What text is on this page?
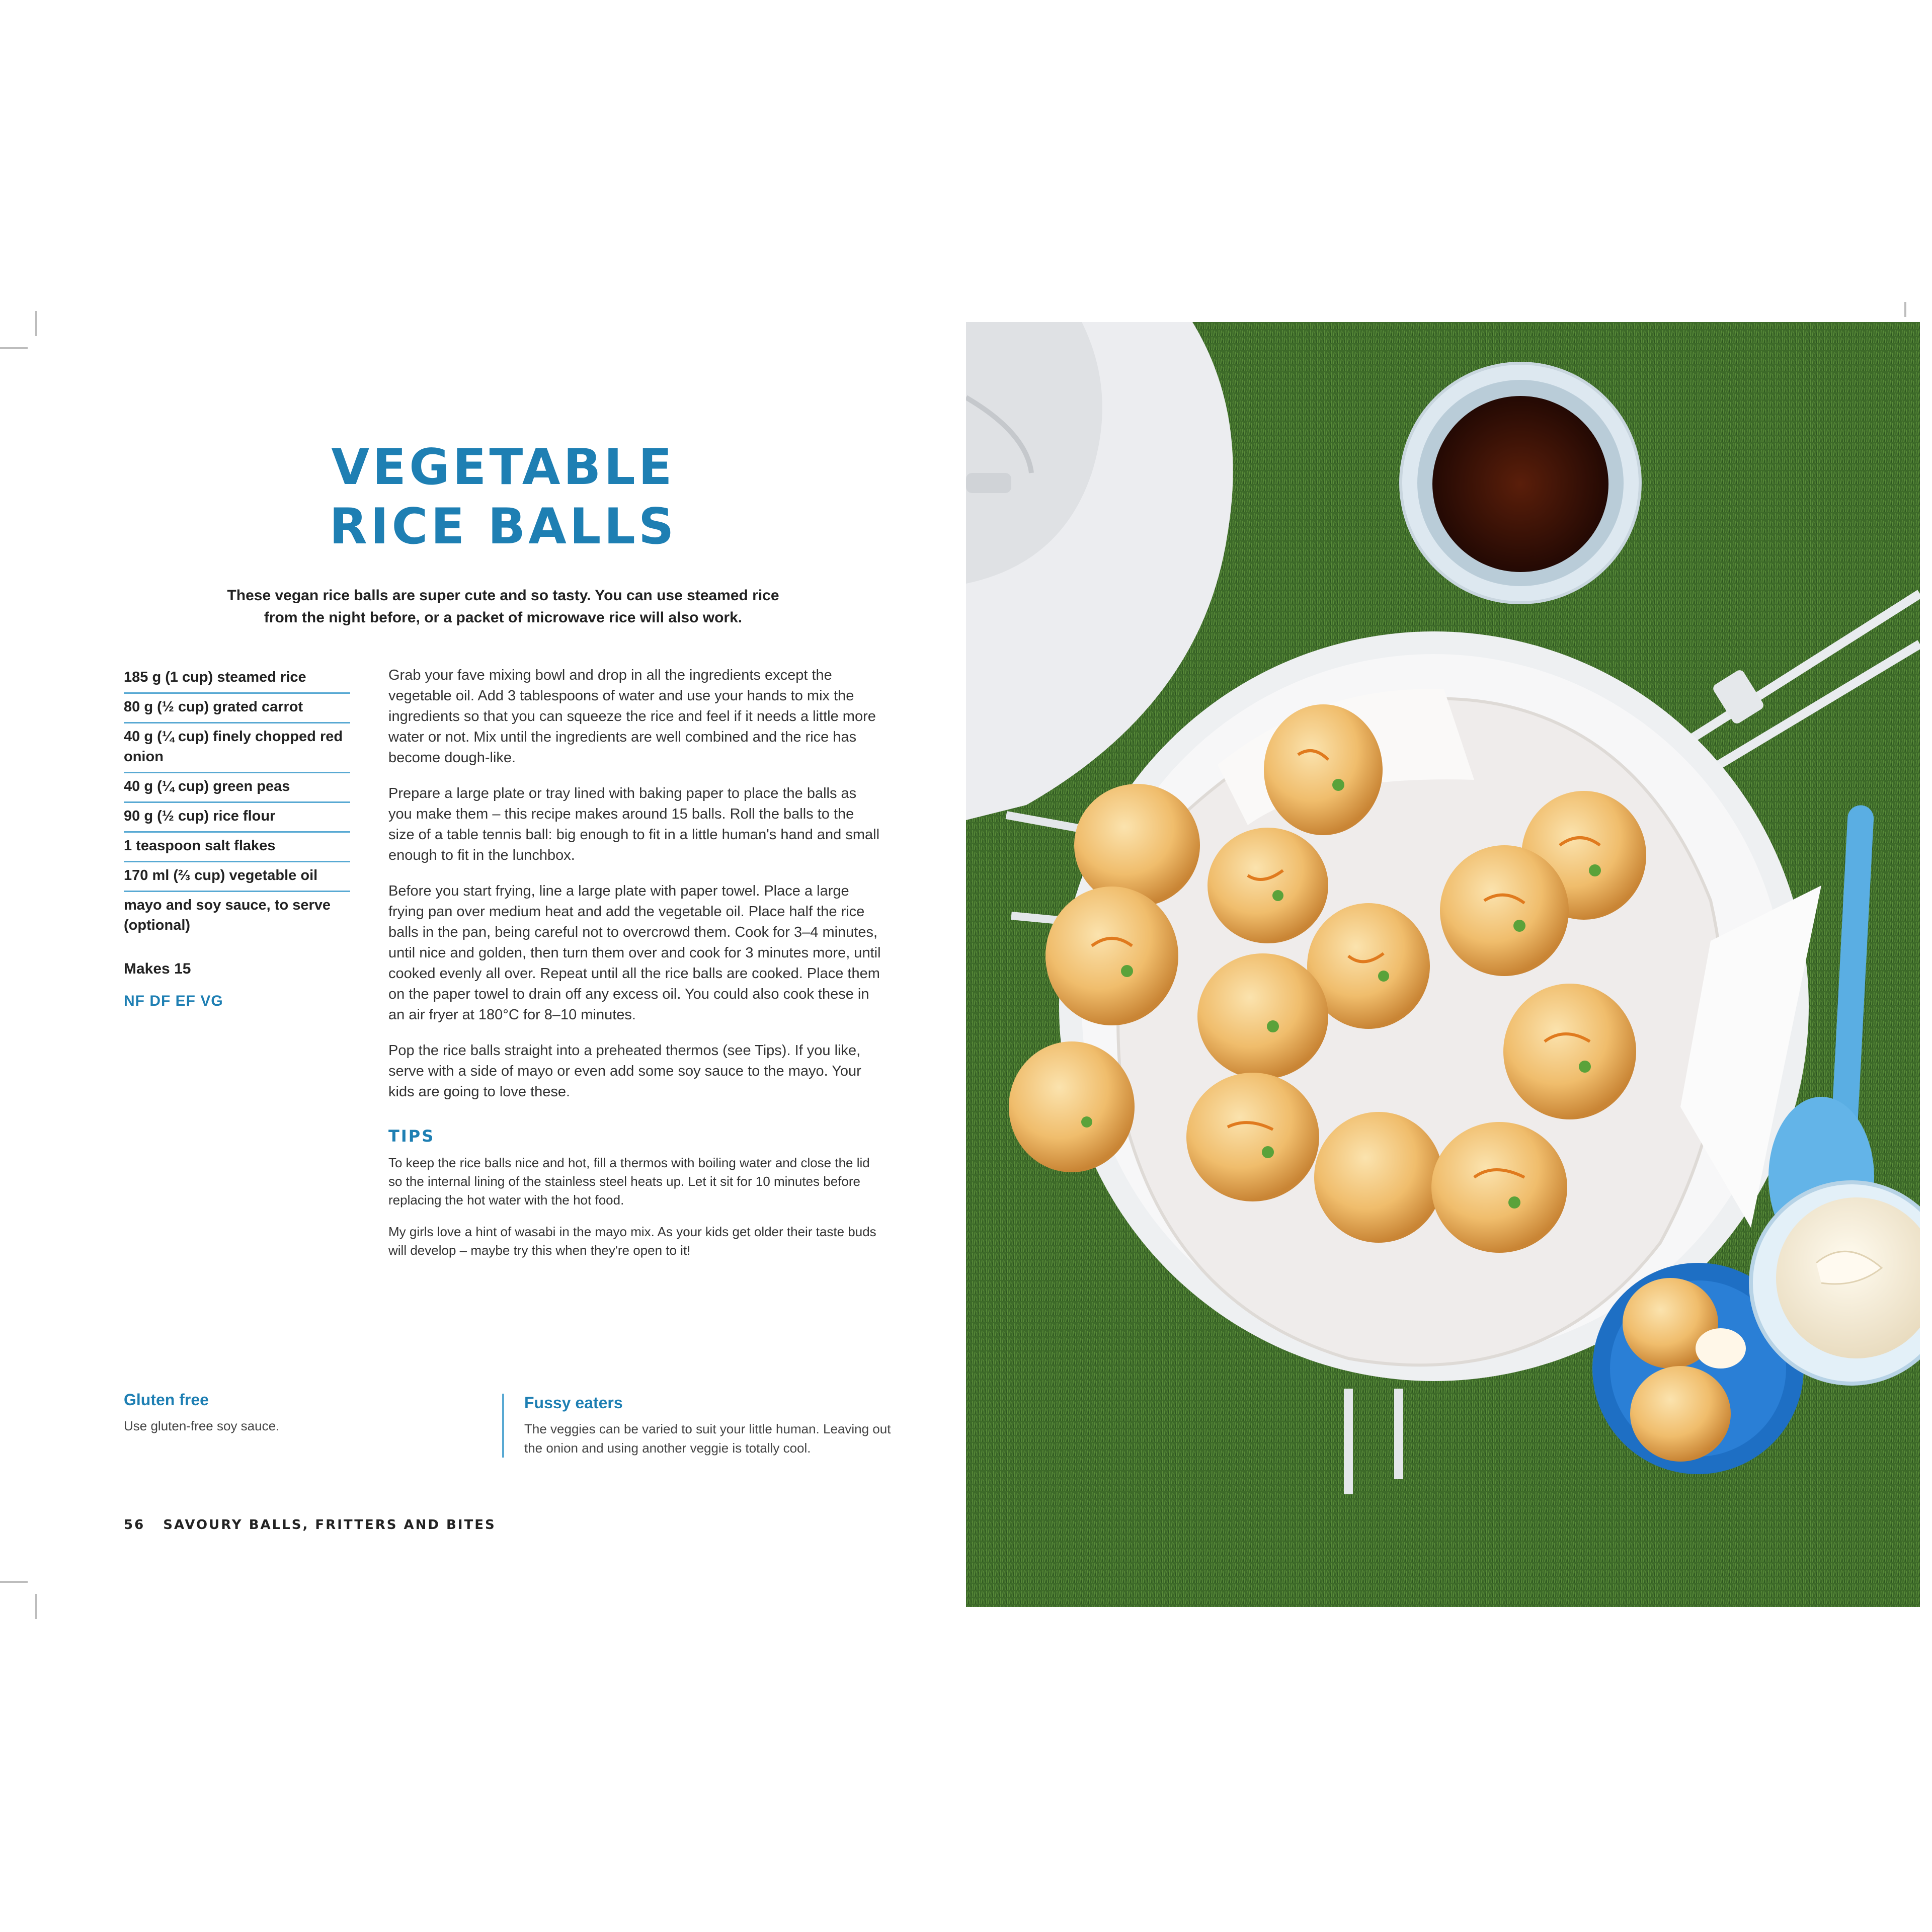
VEGETABLE
RICE BALLS
These vegan rice balls are super cute and so tasty. You can use steamed rice from the night before, or a packet of microwave rice will also work.
185 g (1 cup) steamed rice
80 g (½ cup) grated carrot
40 g (¼ cup) finely chopped red onion
40 g (¼ cup) green peas
90 g (½ cup) rice flour
1 teaspoon salt flakes
170 ml (⅔ cup) vegetable oil
mayo and soy sauce, to serve (optional)
Makes 15
NF DF EF VG

Grab your fave mixing bowl and drop in all the ingredients except the vegetable oil. Add 3 tablespoons of water and use your hands to mix the ingredients so that you can squeeze the rice and feel if it needs a little more water or not. Mix until the ingredients are well combined and the rice has become dough-like.

Prepare a large plate or tray lined with baking paper to place the balls as you make them – this recipe makes around 15 balls. Roll the balls to the size of a table tennis ball: big enough to fit in a little human's hand and small enough to fit in the lunchbox.

Before you start frying, line a large plate with paper towel. Place a large frying pan over medium heat and add the vegetable oil. Place half the rice balls in the pan, being careful not to overcrowd them. Cook for 3–4 minutes, until nice and golden, then turn them over and cook for 3 minutes more, until cooked evenly all over. Repeat until all the rice balls are cooked. Place them on the paper towel to drain off any excess oil. You could also cook these in an air fryer at 180°C for 8–10 minutes.

Pop the rice balls straight into a preheated thermos (see Tips). If you like, serve with a side of mayo or even add some soy sauce to the mayo. Your kids are going to love these.

TIPS

To keep the rice balls nice and hot, fill a thermos with boiling water and close the lid so the internal lining of the stainless steel heats up. Let it sit for 10 minutes before replacing the hot water with the hot food.

My girls love a hint of wasabi in the mayo mix. As your kids get older their taste buds will develop – maybe try this when they're open to it!

Gluten free
Use gluten-free soy sauce.
Fussy eaters
The veggies can be varied to suit your little human. Leaving out the onion and using another veggie is totally cool.
56 SAVOURY BALLS, FRITTERS AND BITES
